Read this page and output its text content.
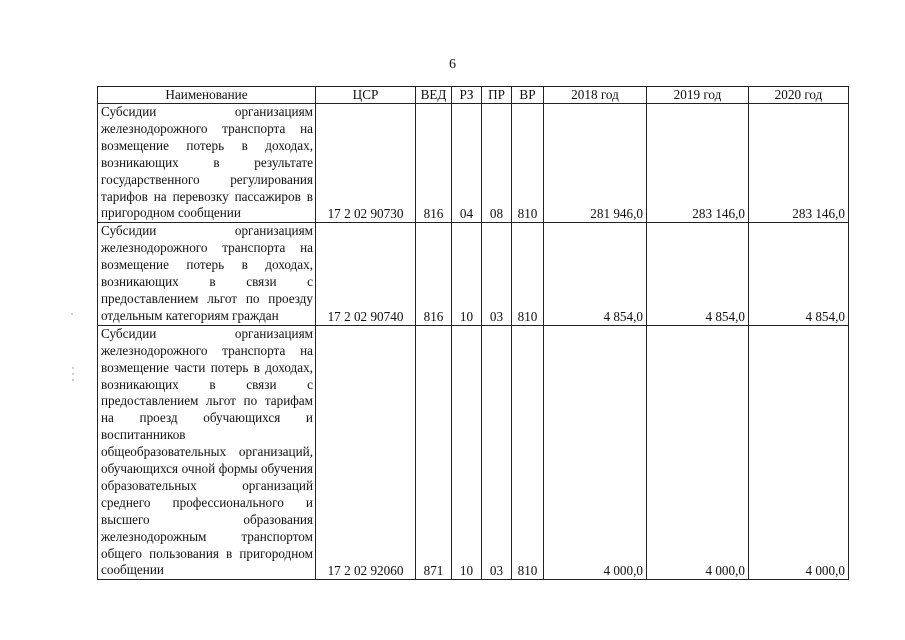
6
Наименование	ЦСР	ВЕД	РЗ	ПР	ВР	2018 год	2019 год	2020 год
Субсидии организациям железнодорожного транспорта на возмещение потерь в доходах, возникающих в результате государственного регулирования тарифов на перевозку пассажиров в пригородном сообщении	17 2 02 90730	816	04	08	810	281 946,0	283 146,0	283 146,0
Субсидии организациям железнодорожного транспорта на возмещение потерь в доходах, возникающих в связи с предоставлением льгот по проезду отдельным категориям граждан	17 2 02 90740	816	10	03	810	4 854,0	4 854,0	4 854,0
Субсидии организациям железнодорожного транспорта на возмещение части потерь в доходах, возникающих в связи с предоставлением льгот по тарифам на проезд обучающихся и воспитанников общеобразовательных организаций, обучающихся очной формы обучения образовательных организаций среднего профессионального и высшего образования железнодорожным транспортом общего пользования в пригородном сообщении	17 2 02 92060	871	10	03	810	4 000,0	4 000,0	4 000,0
